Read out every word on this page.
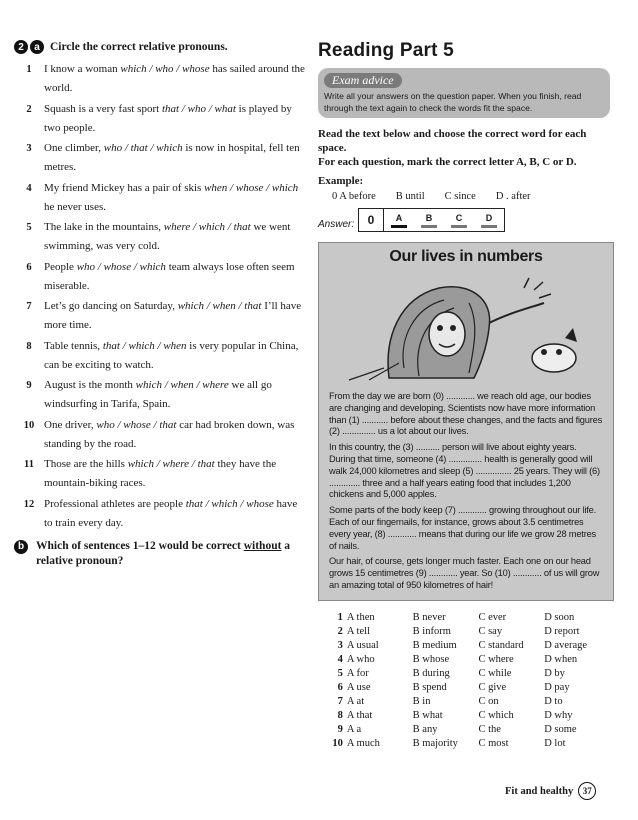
2	a Circle the correct relative pronouns.
1	I know a woman which / who / whose has sailed around the world.
2	Squash is a very fast sport that / who / what is played by two people.
3	One climber, who / that / which is now in hospital, fell ten metres.
4	My friend Mickey has a pair of skis when / whose / which he never uses.
5	The lake in the mountains, where / which / that we went swimming, was very cold.
6	People who / whose / which team always lose often seem miserable.
7	Let’s go dancing on Saturday, which / when / that I’ll have more time.
8	Table tennis, that / which / when is very popular in China, can be exciting to watch.
9	August is the month which / when / where we all go windsurfing in Tarifa, Spain.
10 One driver, who / whose / that car had broken down, was standing by the road.
11 Those are the hills which / where / that they have the mountain-biking races.
12 Professional athletes are people that / which / whose have to train every day.
b	Which of sentences 1–12 would be correct without a relative pronoun?
Reading Part 5
Exam advice
Write all your answers on the question paper. When you finish, read through the text again to check the words fit the space.
Read the text below and choose the correct word for each space.
For each question, mark the correct letter A, B, C or D.
Example:
0 A before B until C since D . after
Answer:	0	A	B	C	D
Our lives in numbers
From the day we are born (0) ............ we reach old age, our bodies are changing and developing. Scientists now have more information than (1) ........... before about these changes, and the facts and figures (2) .............. us a lot about our lives.
In this country, the (3) .......... person will live about eighty years. During that time, someone (4) .............. health is generally good will walk 24,000 kilometres and sleep (5) ............... 25 years. They will (6) ............. three and a half years eating food that includes 1,200 chickens and 5,000 apples.
Some parts of the body keep (7) ............ growing throughout our life. Each of our fingernails, for instance, grows about 3.5 centimetres every year, (8) ............ means that during our life we grow 28 metres of nails.
Our hair, of course, gets longer much faster. Each one on our head grows 15 centimetres (9) ............ year. So (10) ............ of us will grow an amazing total of 950 kilometres of hair!
1 A then	B never	C ever	D soon
2 A tell	B inform	C say	D report
3 A usual	B medium	C standard	D average
4 A who	B whose	C where	D when
5 A for	B during	C while	D by
6 A use	B spend	C give	D pay
7 A at	B in	C on	D to
8 A that	B what	C which	D why
9 A a	B any	C the	D some
10 A much	B majority	C most	D lot
Fit and healthy	37
